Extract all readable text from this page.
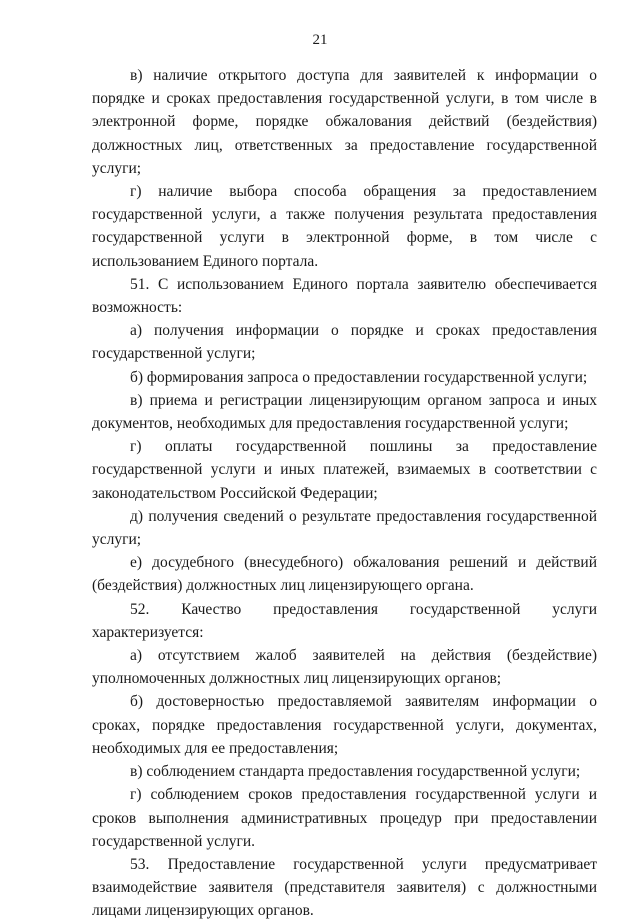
21

в) наличие открытого доступа для заявителей к информации о порядке и сроках предоставления государственной услуги, в том числе в электронной форме, порядке обжалования действий (бездействия) должностных лиц, ответственных за предоставление государственной услуги;

г) наличие выбора способа обращения за предоставлением государственной услуги, а также получения результата предоставления государственной услуги в электронной форме, в том числе с использованием Единого портала.

51. С использованием Единого портала заявителю обеспечивается возможность:

а) получения информации о порядке и сроках предоставления государственной услуги;

б) формирования запроса о предоставлении государственной услуги;

в) приема и регистрации лицензирующим органом запроса и иных документов, необходимых для предоставления государственной услуги;

г) оплаты государственной пошлины за предоставление государственной услуги и иных платежей, взимаемых в соответствии с законодательством Российской Федерации;

д) получения сведений о результате предоставления государственной услуги;

е) досудебного (внесудебного) обжалования решений и действий (бездействия) должностных лиц лицензирующего органа.

52. Качество предоставления государственной услуги характеризуется:

а) отсутствием жалоб заявителей на действия (бездействие) уполномоченных должностных лиц лицензирующих органов;

б) достоверностью предоставляемой заявителям информации о сроках, порядке предоставления государственной услуги, документах, необходимых для ее предоставления;

в) соблюдением стандарта предоставления государственной услуги;

г) соблюдением сроков предоставления государственной услуги и сроков выполнения административных процедур при предоставлении государственной услуги.

53. Предоставление государственной услуги предусматривает взаимодействие заявителя (представителя заявителя) с должностными лицами лицензирующих органов.
